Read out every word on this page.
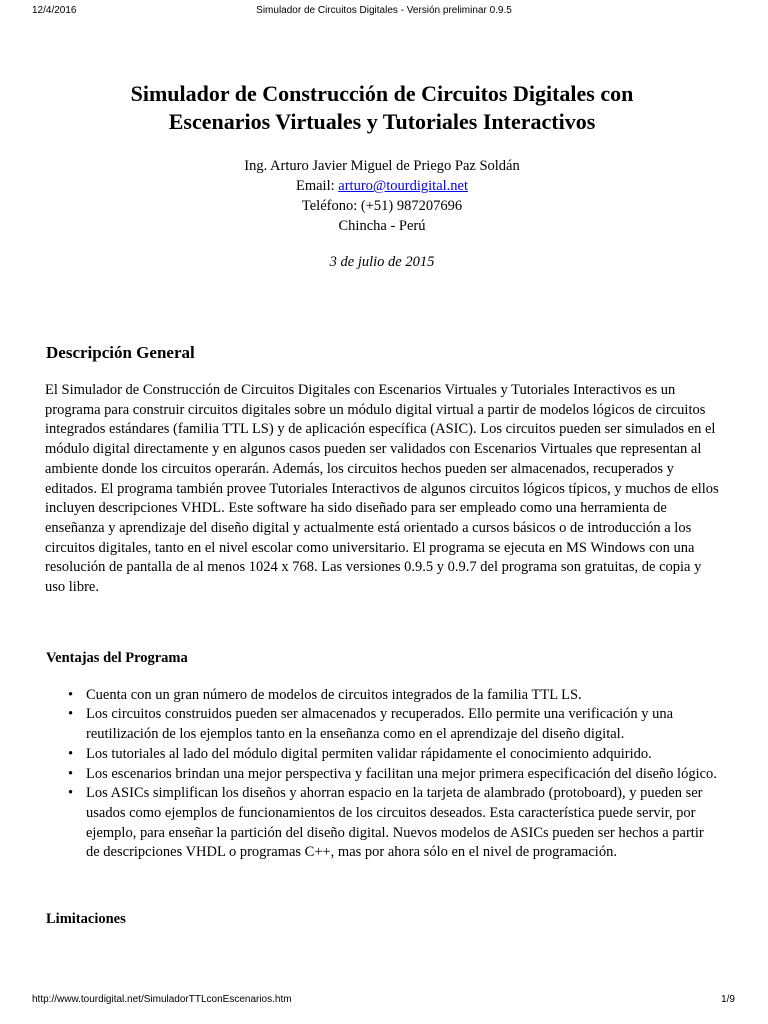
12/4/2016	Simulador de Circuitos Digitales - Versión preliminar 0.9.5
Simulador de Construcción de Circuitos Digitales con
Escenarios Virtuales y Tutoriales Interactivos
Ing. Arturo Javier Miguel de Priego Paz Soldán
Email: arturo@tourdigital.net
Teléfono: (+51) 987207696
Chincha - Perú
3 de julio de 2015
Descripción General

El Simulador de Construcción de Circuitos Digitales con Escenarios Virtuales y Tutoriales Interactivos es un programa para construir circuitos digitales sobre un módulo digital virtual a partir de modelos lógicos de circuitos integrados estándares (familia TTL LS) y de aplicación específica (ASIC). Los circuitos pueden ser simulados en el módulo digital directamente y en algunos casos pueden ser validados con Escenarios Virtuales que representan al ambiente donde los circuitos operarán. Además, los circuitos hechos pueden ser almacenados, recuperados y editados. El programa también provee Tutoriales Interactivos de algunos circuitos lógicos típicos, y muchos de ellos incluyen descripciones VHDL. Este software ha sido diseñado para ser empleado como una herramienta de enseñanza y aprendizaje del diseño digital y actualmente está orientado a cursos básicos o de introducción a los circuitos digitales, tanto en el nivel escolar como universitario. El programa se ejecuta en MS Windows con una resolución de pantalla de al menos 1024 x 768. Las versiones 0.9.5 y 0.9.7 del programa son gratuitas, de copia y uso libre.

Ventajas del Programa
• Cuenta con un gran número de modelos de circuitos integrados de la familia TTL LS.
• Los circuitos construidos pueden ser almacenados y recuperados. Ello permite una verificación y una reutilización de los ejemplos tanto en la enseñanza como en el aprendizaje del diseño digital.
• Los tutoriales al lado del módulo digital permiten validar rápidamente el conocimiento adquirido.
• Los escenarios brindan una mejor perspectiva y facilitan una mejor primera especificación del diseño lógico.
• Los ASICs simplifican los diseños y ahorran espacio en la tarjeta de alambrado (protoboard), y pueden ser usados como ejemplos de funcionamientos de los circuitos deseados. Esta característica puede servir, por ejemplo, para enseñar la partición del diseño digital. Nuevos modelos de ASICs pueden ser hechos a partir de descripciones VHDL o programas C++, mas por ahora sólo en el nivel de programación.
Limitaciones
http://www.tourdigital.net/SimuladorTTLconEscenarios.htm	1/9
